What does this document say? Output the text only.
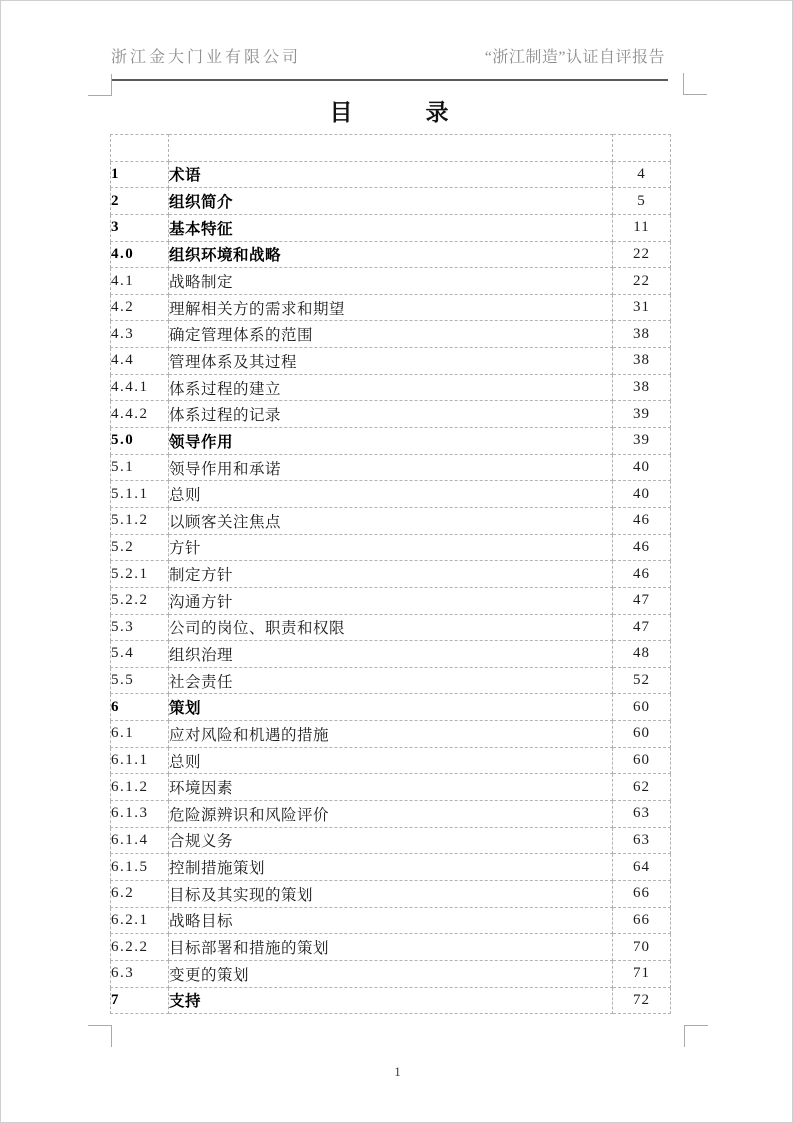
浙江金大门业有限公司	“浙江制造”认证自评报告
目　　　录

1	术语	4
2	组织简介	5
3	基本特征	11
4.0	组织环境和战略	22
4.1	战略制定	22
4.2	理解相关方的需求和期望	31
4.3	确定管理体系的范围	38
4.4	管理体系及其过程	38
4.4.1	体系过程的建立	38
4.4.2	体系过程的记录	39
5.0	领导作用	39
5.1	领导作用和承诺	40
5.1.1	总则	40
5.1.2	以顾客关注焦点	46
5.2	方针	46
5.2.1	制定方针	46
5.2.2	沟通方针	47
5.3	公司的岗位、职责和权限	47
5.4	组织治理	48
5.5	社会责任	52
6	策划	60
6.1	应对风险和机遇的措施	60
6.1.1	总则	60
6.1.2	环境因素	62
6.1.3	危险源辨识和风险评价	63
6.1.4	合规义务	63
6.1.5	控制措施策划	64
6.2	目标及其实现的策划	66
6.2.1	战略目标	66
6.2.2	目标部署和措施的策划	70
6.3	变更的策划	71
7	支持	72
1
